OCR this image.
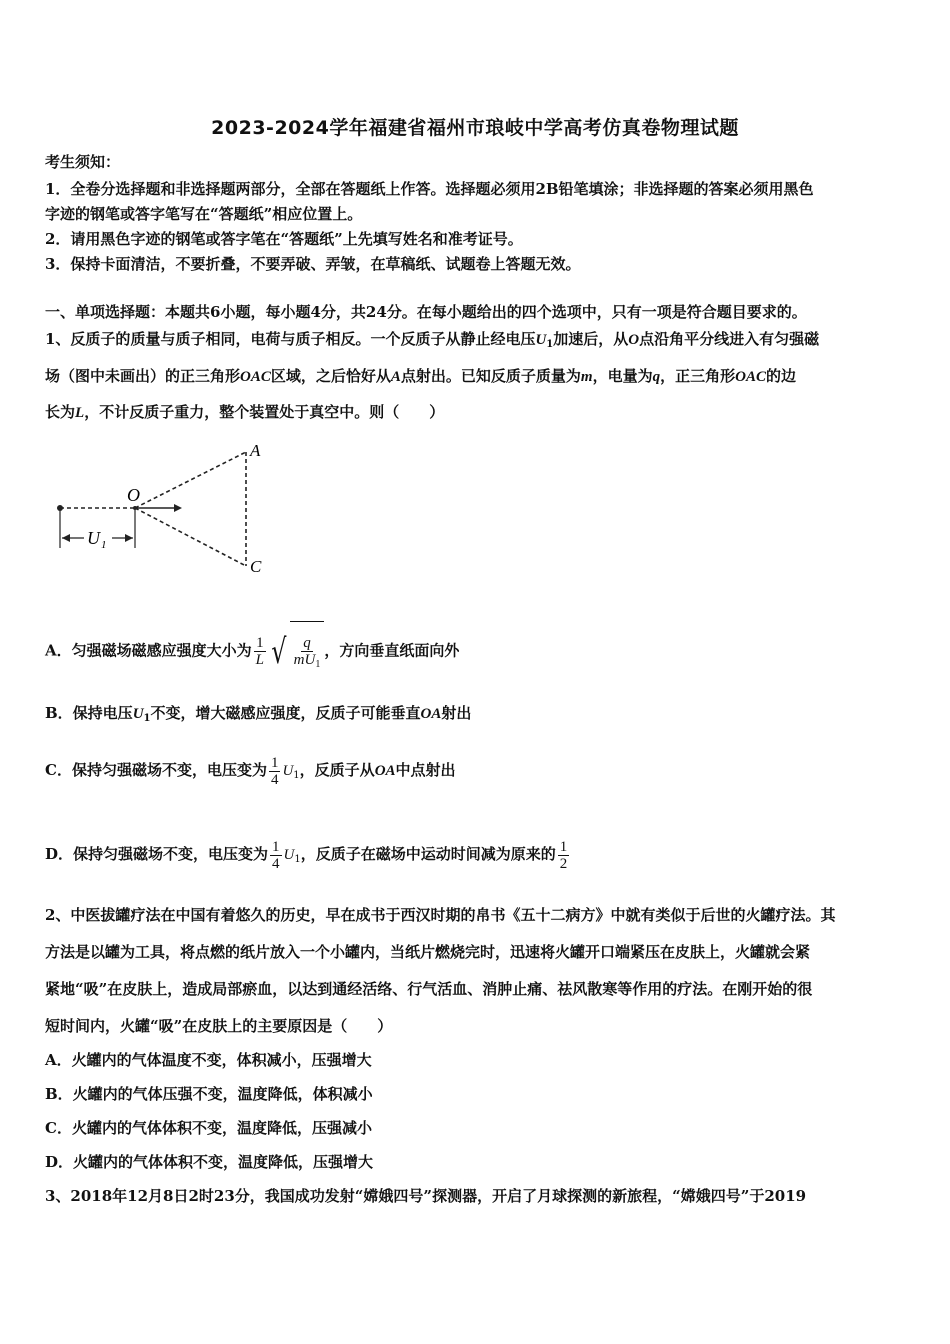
2023-2024学年福建省福州市琅岐中学高考仿真卷物理试题
考生须知：
1．全卷分选择题和非选择题两部分，全部在答题纸上作答。选择题必须用2B铅笔填涂；非选择题的答案必须用黑色
字迹的钢笔或答字笔写在“答题纸”相应位置上。
2．请用黑色字迹的钢笔或答字笔在“答题纸”上先填写姓名和准考证号。
3．保持卡面清洁，不要折叠，不要弄破、弄皱，在草稿纸、试题卷上答题无效。
一、单项选择题：本题共6小题，每小题4分，共24分。在每小题给出的四个选项中，只有一项是符合题目要求的。
1、反质子的质量与质子相同，电荷与质子相反。一个反质子从静止经电压$U_1$加速后，从O点沿角平分线进入有匀强磁
场（图中未画出）的正三角形OAC区域，之后恰好从A点射出。已知反质子质量为m，电量为q，正三角形OAC的边
长为L，不计反质子重力，整个装置处于真空中。则（　　）
U 1
O
A
C
A．匀强磁场磁感应强度大小为 $\frac{1}{L}$ √ $\frac{q}{mU_1}$ ，方向垂直纸面向外
B．保持电压$U_1$不变，增大磁感应强度，反质子可能垂直OA射出
C．保持匀强磁场不变，电压变为 $\frac{1}{4} U_1$，反质子从OA中点射出
D．保持匀强磁场不变，电压变为 $\frac{1}{4} U_1$，反质子在磁场中运动时间减为原来的 $\frac{1}{2}$
2、中医拔罐疗法在中国有着悠久的历史，早在成书于西汉时期的帛书《五十二病方》中就有类似于后世的火罐疗法。其
方法是以罐为工具，将点燃的纸片放入一个小罐内，当纸片燃烧完时，迅速将火罐开口端紧压在皮肤上，火罐就会紧
紧地“吸”在皮肤上，造成局部瘀血，以达到通经活络、行气活血、消肿止痛、祛风散寒等作用的疗法。在刚开始的很
短时间内，火罐“吸”在皮肤上的主要原因是（　　）
A．火罐内的气体温度不变，体积减小，压强增大
B．火罐内的气体压强不变，温度降低，体积减小
C．火罐内的气体体积不变，温度降低，压强减小
D．火罐内的气体体积不变，温度降低，压强增大
3、2018年12月8日2时23分，我国成功发射“嫦娥四号”探测器，开启了月球探测的新旅程，“嫦娥四号”于2019
